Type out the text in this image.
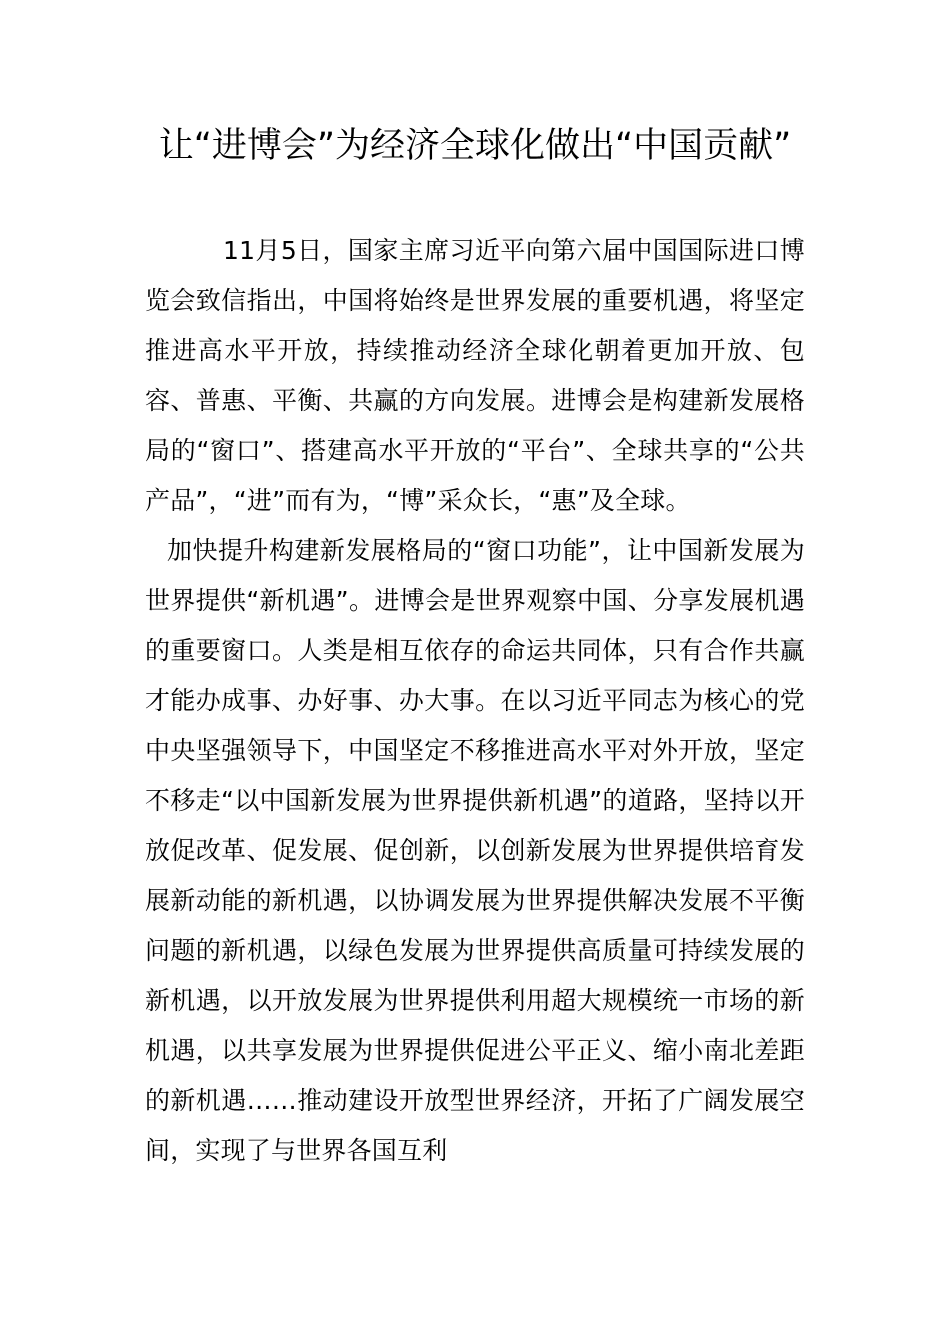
让“进博会”为经济全球化做出“中国贡献”

11月5日，国家主席习近平向第六届中国国际进口博览会致信指出，中国将始终是世界发展的重要机遇，将坚定推进高水平开放，持续推动经济全球化朝着更加开放、包容、普惠、平衡、共赢的方向发展。进博会是构建新发展格局的“窗口”、搭建高水平开放的“平台”、全球共享的“公共产品”，“进”而有为，“博”采众长，“惠”及全球。

加快提升构建新发展格局的“窗口功能”，让中国新发展为世界提供“新机遇”。进博会是世界观察中国、分享发展机遇的重要窗口。人类是相互依存的命运共同体，只有合作共赢才能办成事、办好事、办大事。在以习近平同志为核心的党中央坚强领导下，中国坚定不移推进高水平对外开放，坚定不移走“以中国新发展为世界提供新机遇”的道路，坚持以开放促改革、促发展、促创新，以创新发展为世界提供培育发展新动能的新机遇，以协调发展为世界提供解决发展不平衡问题的新机遇，以绿色发展为世界提供高质量可持续发展的新机遇，以开放发展为世界提供利用超大规模统一市场的新机遇，以共享发展为世界提供促进公平正义、缩小南北差距的新机遇……推动建设开放型世界经济，开拓了广阔发展空间，实现了与世界各国互利
